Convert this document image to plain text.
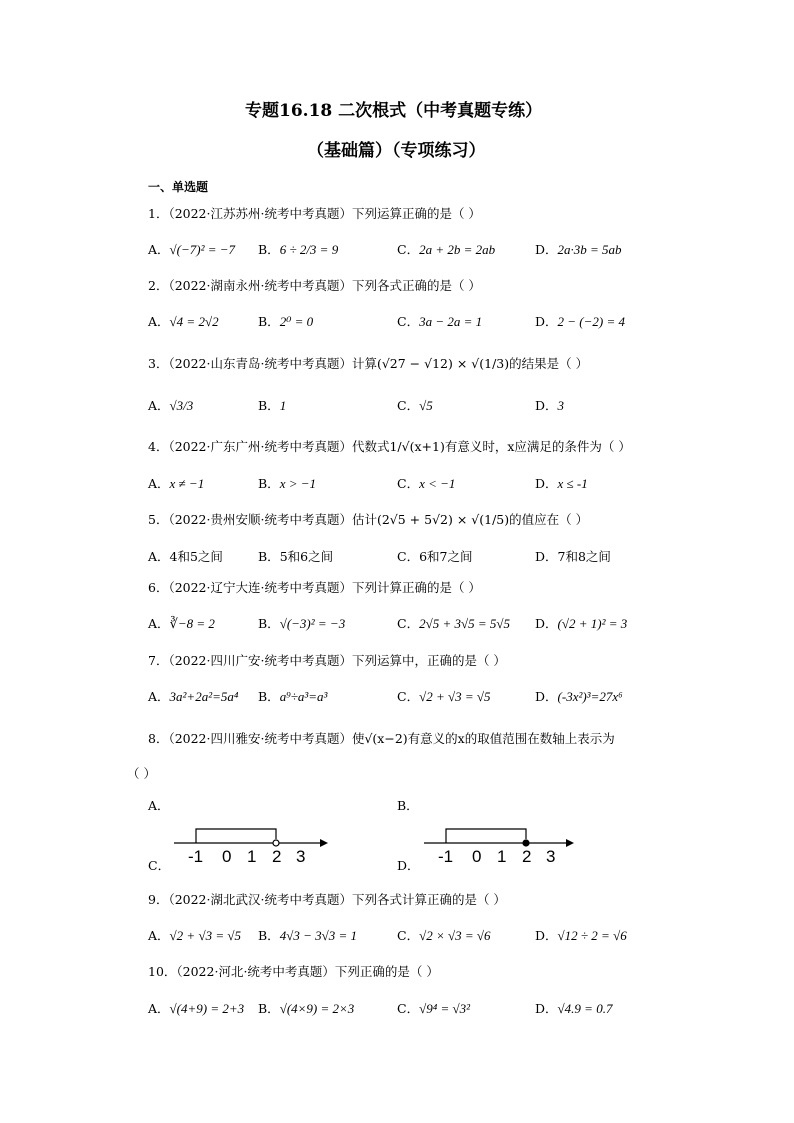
专题16.18 二次根式（中考真题专练）
（基础篇）（专项练习）
一、单选题
1．（2022·江苏苏州·统考中考真题）下列运算正确的是（ ）
A．√(−7)² = −7 B．6 ÷ 2/3 = 9	C．2a + 2b = 2ab	D．2a·3b = 5ab
2．（2022·湖南永州·统考中考真题）下列各式正确的是（ ）
A．√4 = 2√2	B．2⁰ = 0	C．3a − 2a = 1	D．2 − (−2) = 4
3．（2022·山东青岛·统考中考真题）计算(√27 − √12) × √(1/3)的结果是（ ）
A．√3/3	B．1	C．√5	D．3
4．（2022·广东广州·统考中考真题）代数式1/√(x+1)有意义时，x应满足的条件为（ ）
A．x ≠ −1	B．x > −1	C．x < −1	D．x ≤ -1
5．（2022·贵州安顺·统考中考真题）估计(2√5 + 5√2) × √(1/5)的值应在（ ）
A．4和5之间	B．5和6之间	C．6和7之间	D．7和8之间
6．（2022·辽宁大连·统考中考真题）下列计算正确的是（ ）
A．∛−8 = 2	B．√(−3)² = −3	C．2√5 + 3√5 = 5√5 D．(√2 + 1)² = 3
7．（2022·四川广安·统考中考真题）下列运算中，正确的是（ ）
A．3a²+2a²=5a⁴ B．a⁹÷a³=a³	C．√2 + √3 = √5	D．(-3x²)³=27x⁶
8．（2022·四川雅安·统考中考真题）使√(x−2)有意义的x的取值范围在数轴上表示为
（ ）
A．	B．
C．	D．
-1 0 1 2 3	-1 0 1 2 3
9．（2022·湖北武汉·统考中考真题）下列各式计算正确的是（ ）
A．√2 + √3 = √5 B．4√3 − 3√3 = 1	C．√2 × √3 = √6	D．√12 ÷ 2 = √6
10．（2022·河北·统考中考真题）下列正确的是（ ）
A．√(4+9) = 2+3 B．√(4×9) = 2×3	C．√9⁴ = √3²	D．√4.9 = 0.7
